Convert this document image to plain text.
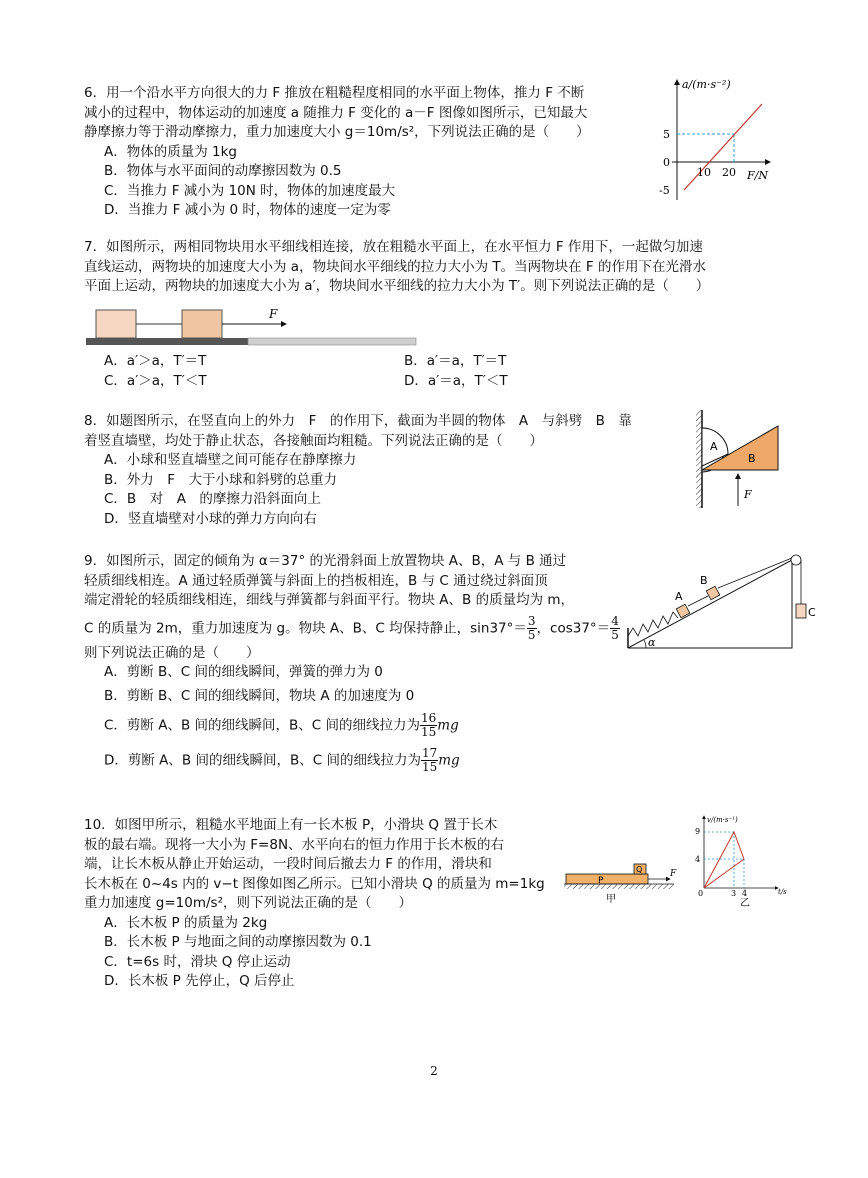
6．用一个沿水平方向很大的力 F 推放在粗糙程度相同的水平面上物体，推力 F 不断

减小的过程中，物体运动的加速度 a 随推力 F 变化的 a－F 图像如图所示，已知最大

静摩擦力等于滑动摩擦力，重力加速度大小 g＝10m/s²，下列说法正确的是（　　）

A．物体的质量为 1kg

B．物体与水平面间的动摩擦因数为 0.5

C．当推力 F 减小为 10N 时，物体的加速度最大

D．当推力 F 减小为 0 时，物体的速度一定为零

a/(m·s⁻²)
F/N
5
0
-5
10 20

7．如图所示，两相同物块用水平细线相连接，放在粗糙水平面上，在水平恒力 F 作用下，一起做匀加速

直线运动，两物块的加速度大小为 a，物块间水平细线的拉力大小为 T。当两物块在 F 的作用下在光滑水

平面上运动，两物块的加速度大小为 a′，物块间水平细线的拉力大小为 T′。则下列说法正确的是（　　）

F
A．a′＞a，T′＝T	B．a′＝a，T′＝T
C．a′＞a，T′＜T	D．a′＝a，T′＜T

8．如题图所示，在竖直向上的外力　F　的作用下，截面为半圆的物体　A　与斜劈　B　靠

着竖直墙壁，均处于静止状态，各接触面均粗糙。下列说法正确的是（　　）

A．小球和竖直墙壁之间可能存在静摩擦力

B．外力　F　大于小球和斜劈的总重力

C．B　对　A　的摩擦力沿斜面向上

D．竖直墙壁对小球的弹力方向向右

A
B
F

9．如图所示，固定的倾角为 α＝37° 的光滑斜面上放置物块 A、B，A 与 B 通过

轻质细线相连。A 通过轻质弹簧与斜面上的挡板相连，B 与 C 通过绕过斜面顶

端定滑轮的轻质细线相连，细线与弹簧都与斜面平行。物块 A、B 的质量均为 m，

C 的质量为 2m，重力加速度为 g。物块 A、B、C 均保持静止，$\sin 37^\circ= \frac{3}{5}$ ，$\cos 37^\circ= \frac{4}{5}$

则下列说法正确的是（　　）

A．剪断 B、C 间的细线瞬间，弹簧的弹力为 0

B．剪断 B、C 间的细线瞬间，物块 A 的加速度为 0

C．剪断 A、B 间的细线瞬间，B、C 间的细线拉力为 $\frac{16}{15}$ mg

D．剪断 A、B 间的细线瞬间，B、C 间的细线拉力为 $\frac{17}{15}$ mg

A
B
C
α

10．如图甲所示，粗糙水平地面上有一长木板 P，小滑块 Q 置于长木

板的最右端。现将一大小为 F=8N、水平向右的恒力作用于长木板的右

端，让长木板从静止开始运动，一段时间后撤去力 F 的作用，滑块和

长木板在 0~4s 内的 v−t 图像如图乙所示。已知小滑块 Q 的质量为 m=1kg

重力加速度 g=10m/s²，则下列说法正确的是（　　）

A．长木板 P 的质量为 2kg

B．长木板 P 与地面之间的动摩擦因数为 0.1

C．t=6s 时，滑块 Q 停止运动

D．长木板 P 先停止，Q 后停止

P
Q	F
甲
v/(m·s⁻¹)
t/s
9
4
0	3 4
乙
2
